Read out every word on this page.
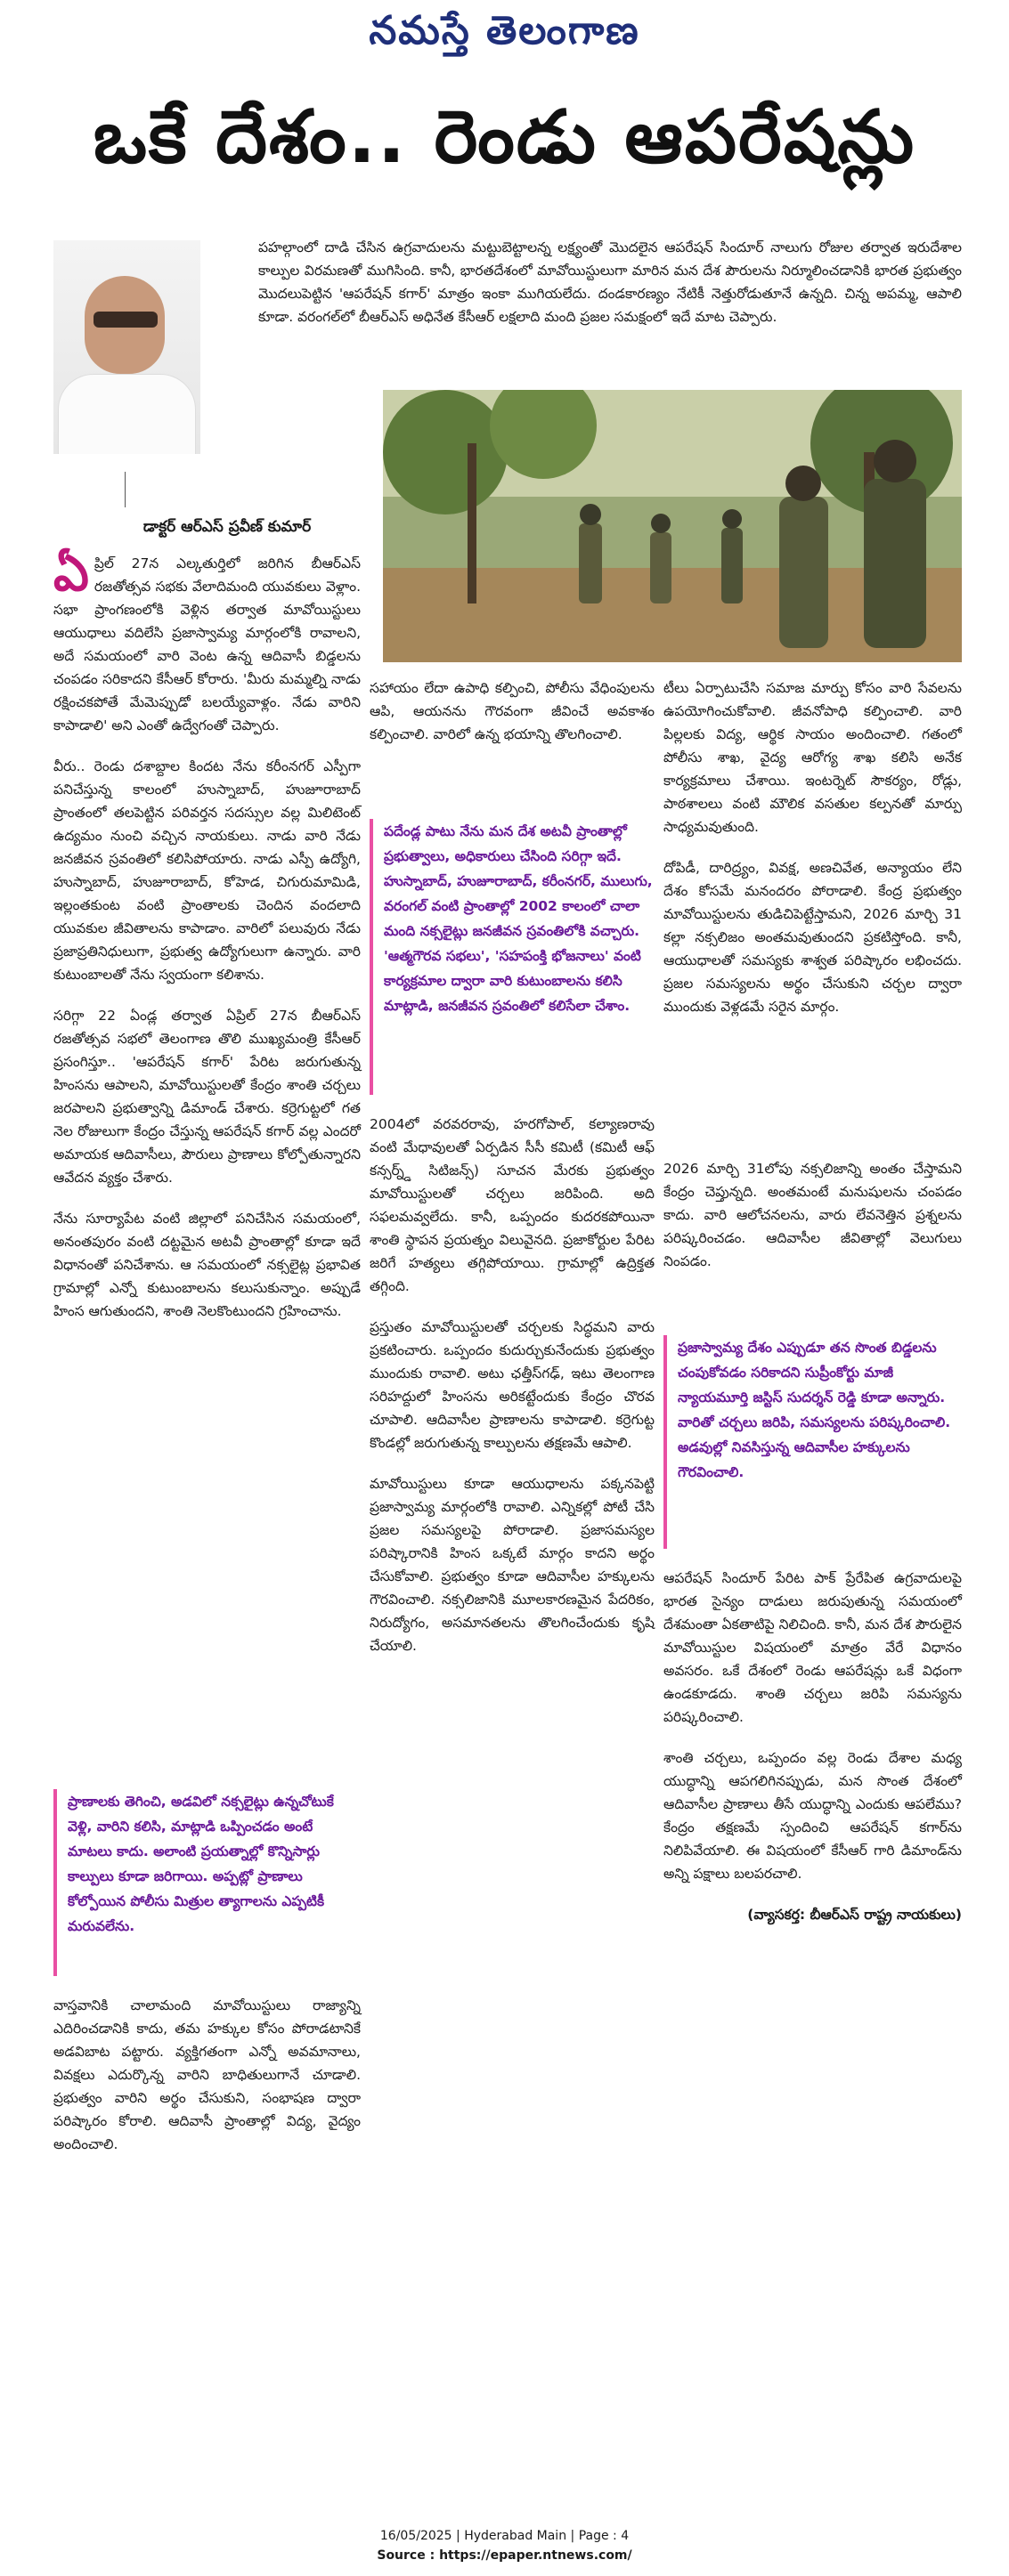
నమస్తే తెలంగాణ
ఒకే దేశం.. రెండు ఆపరేషన్లు
డాక్టర్ ఆర్ఎస్ ప్రవీణ్ కుమార్
పహల్గాంలో దాడి చేసిన ఉగ్రవాదులను మట్టుబెట్టాలన్న లక్ష్యంతో మొదలైన ఆపరేషన్ సిందూర్ నాలుగు రోజుల తర్వాత ఇరుదేశాల కాల్పుల విరమణతో ముగిసింది. కానీ, భారతదేశంలో మావోయిస్టులుగా మారిన మన దేశ పౌరులను నిర్మూలించడానికి భారత ప్రభుత్వం మొదలుపెట్టిన 'ఆపరేషన్ కగార్' మాత్రం ఇంకా ముగియలేదు. దండకారణ్యం నేటికీ నెత్తురోడుతూనే ఉన్నది. చిన్న అపమ్మ, ఆపాలి కూడా. వరంగల్‌లో బీఆర్ఎస్ అధినేత కేసీఆర్ లక్షలాది మంది ప్రజల సమక్షంలో ఇదే మాట చెప్పారు.

ఏ ప్రిల్ 27న ఎల్కతుర్తిలో జరిగిన బీఆర్ఎస్ రజతోత్సవ సభకు వేలాదిమంది యువకులు వెళ్లాం. సభా ప్రాంగణంలోకి వెళ్లిన తర్వాత మావోయిస్టులు ఆయుధాలు వదిలేసి ప్రజాస్వామ్య మార్గంలోకి రావాలని, అదే సమయంలో వారి వెంట ఉన్న ఆదివాసీ బిడ్డలను చంపడం సరికాదని కేసీఆర్ కోరారు. 'మీరు మమ్మల్ని నాడు రక్షించకపోతే మేమెప్పుడో బలయ్యేవాళ్లం. నేడు వారిని కాపాడాలి' అని ఎంతో ఉద్వేగంతో చెప్పారు.

వీరు.. రెండు దశాబ్దాల కిందట నేను కరీంనగర్ ఎస్పీగా పనిచేస్తున్న కాలంలో హుస్నాబాద్, హుజూరాబాద్ ప్రాంతంలో తలపెట్టిన పరివర్తన సదస్సుల వల్ల మిలిటెంట్ ఉద్యమం నుంచి వచ్చిన నాయకులు. నాడు వారి నేడు జనజీవన స్రవంతిలో కలిసిపోయారు. నాడు ఎస్పీ ఉద్యోగి, హుస్నాబాద్, హుజూరాబాద్, కోహెడ, చిగురుమామిడి, ఇల్లంతకుంట వంటి ప్రాంతాలకు చెందిన వందలాది యువకుల జీవితాలను కాపాడాం. వారిలో పలువురు నేడు ప్రజాప్రతినిధులుగా, ప్రభుత్వ ఉద్యోగులుగా ఉన్నారు. వారి కుటుంబాలతో నేను స్వయంగా కలిశాను.

సరిగ్గా 22 ఏండ్ల తర్వాత ఏప్రిల్ 27న బీఆర్ఎస్ రజతోత్సవ సభలో తెలంగాణ తొలి ముఖ్యమంత్రి కేసీఆర్ ప్రసంగిస్తూ.. 'ఆపరేషన్ కగార్' పేరిట జరుగుతున్న హింసను ఆపాలని, మావోయిస్టులతో కేంద్రం శాంతి చర్చలు జరపాలని ప్రభుత్వాన్ని డిమాండ్ చేశారు. కర్రెగుట్టలో గత నెల రోజులుగా కేంద్రం చేస్తున్న ఆపరేషన్ కగార్ వల్ల ఎందరో అమాయక ఆదివాసీలు, పౌరులు ప్రాణాలు కోల్పోతున్నారని ఆవేదన వ్యక్తం చేశారు.

నేను సూర్యాపేట వంటి జిల్లాలో పనిచేసిన సమయంలో, అనంతపురం వంటి దట్టమైన అటవీ ప్రాంతాల్లో కూడా ఇదే విధానంతో పనిచేశాను. ఆ సమయంలో నక్సలైట్ల ప్రభావిత గ్రామాల్లో ఎన్నో కుటుంబాలను కలుసుకున్నాం. అప్పుడే హింస ఆగుతుందని, శాంతి నెలకొంటుందని గ్రహించాను.

ప్రాణాలకు తెగించి, అడవిలో నక్సలైట్లు ఉన్నచోటుకే వెళ్లి, వారిని కలిసి, మాట్లాడి ఒప్పించడం అంటే మాటలు కాదు. అలాంటి ప్రయత్నాల్లో కొన్నిసార్లు కాల్పులు కూడా జరిగాయి. అప్పట్లో ప్రాణాలు కోల్పోయిన పోలీసు మిత్రుల త్యాగాలను ఎప్పటికీ మరువలేను.

వాస్తవానికి చాలామంది మావోయిస్టులు రాజ్యాన్ని ఎదిరించడానికి కాదు, తమ హక్కుల కోసం పోరాడటానికే అడవిబాట పట్టారు. వ్యక్తిగతంగా ఎన్నో అవమానాలు, వివక్షలు ఎదుర్కొన్న వారిని బాధితులుగానే చూడాలి. ప్రభుత్వం వారిని అర్థం చేసుకుని, సంభాషణ ద్వారా పరిష్కారం కోరాలి. ఆదివాసీ ప్రాంతాల్లో విద్య, వైద్యం అందించాలి.

సహాయం లేదా ఉపాధి కల్పించి, పోలీసు వేధింపులను ఆపి, ఆయనను గౌరవంగా జీవించే అవకాశం కల్పించాలి. వారిలో ఉన్న భయాన్ని తొలగించాలి.

పదేండ్ల పాటు నేను మన దేశ అటవీ ప్రాంతాల్లో ప్రభుత్వాలు, అధికారులు చేసింది సరిగ్గా ఇదే. హుస్నాబాద్, హుజూరాబాద్, కరీంనగర్, ములుగు, వరంగల్ వంటి ప్రాంతాల్లో 2002 కాలంలో చాలా మంది నక్సలైట్లు జనజీవన స్రవంతిలోకి వచ్చారు. 'ఆత్మగౌరవ సభలు', 'సహపంక్తి భోజనాలు' వంటి కార్యక్రమాల ద్వారా వారి కుటుంబాలను కలిసి మాట్లాడి, జనజీవన స్రవంతిలో కలిసేలా చేశాం.

2004లో వరవరరావు, హరగోపాల్, కల్యాణరావు వంటి మేధావులతో ఏర్పడిన సీసీ కమిటీ (కమిటీ ఆఫ్ కన్సర్న్డ్ సిటిజన్స్) సూచన మేరకు ప్రభుత్వం మావోయిస్టులతో చర్చలు జరిపింది. అది సఫలమవ్వలేదు. కానీ, ఒప్పందం కుదరకపోయినా శాంతి స్థాపన ప్రయత్నం విలువైనది. ప్రజాకోర్టుల పేరిట జరిగే హత్యలు తగ్గిపోయాయి. గ్రామాల్లో ఉద్రిక్తత తగ్గింది.

ప్రస్తుతం మావోయిస్టులతో చర్చలకు సిద్ధమని వారు ప్రకటించారు. ఒప్పందం కుదుర్చుకునేందుకు ప్రభుత్వం ముందుకు రావాలి. అటు ఛత్తీస్‌గఢ్, ఇటు తెలంగాణ సరిహద్దులో హింసను అరికట్టేందుకు కేంద్రం చొరవ చూపాలి. ఆదివాసీల ప్రాణాలను కాపాడాలి. కర్రెగుట్ట కొండల్లో జరుగుతున్న కాల్పులను తక్షణమే ఆపాలి.

మావోయిస్టులు కూడా ఆయుధాలను పక్కనపెట్టి ప్రజాస్వామ్య మార్గంలోకి రావాలి. ఎన్నికల్లో పోటీ చేసి ప్రజల సమస్యలపై పోరాడాలి. ప్రజాసమస్యల పరిష్కారానికి హింస ఒక్కటే మార్గం కాదని అర్థం చేసుకోవాలి. ప్రభుత్వం కూడా ఆదివాసీల హక్కులను గౌరవించాలి. నక్సలిజానికి మూలకారణమైన పేదరికం, నిరుద్యోగం, అసమానతలను తొలగించేందుకు కృషి చేయాలి.

టీలు ఏర్పాటుచేసి సమాజ మార్పు కోసం వారి సేవలను ఉపయోగించుకోవాలి. జీవనోపాధి కల్పించాలి. వారి పిల్లలకు విద్య, ఆర్థిక సాయం అందించాలి. గతంలో పోలీసు శాఖ, వైద్య ఆరోగ్య శాఖ కలిసి అనేక కార్యక్రమాలు చేశాయి. ఇంటర్నెట్ సౌకర్యం, రోడ్లు, పాఠశాలలు వంటి మౌలిక వసతుల కల్పనతో మార్పు సాధ్యమవుతుంది.

దోపిడీ, దారిద్ర్యం, వివక్ష, అణచివేత, అన్యాయం లేని దేశం కోసమే మనందరం పోరాడాలి. కేంద్ర ప్రభుత్వం మావోయిస్టులను తుడిచిపెట్టేస్తామని, 2026 మార్చి 31 కల్లా నక్సలిజం అంతమవుతుందని ప్రకటిస్తోంది. కానీ, ఆయుధాలతో సమస్యకు శాశ్వత పరిష్కారం లభించదు. ప్రజల సమస్యలను అర్థం చేసుకుని చర్చల ద్వారా ముందుకు వెళ్లడమే సరైన మార్గం.

2026 మార్చి 31లోపు నక్సలిజాన్ని అంతం చేస్తామని కేంద్రం చెప్తున్నది. అంతమంటే మనుషులను చంపడం కాదు. వారి ఆలోచనలను, వారు లేవనెత్తిన ప్రశ్నలను పరిష్కరించడం. ఆదివాసీల జీవితాల్లో వెలుగులు నింపడం.

ప్రజాస్వామ్య దేశం ఎప్పుడూ తన సొంత బిడ్డలను చంపుకోవడం సరికాదని సుప్రీంకోర్టు మాజీ న్యాయమూర్తి జస్టిస్ సుదర్శన్ రెడ్డి కూడా అన్నారు. వారితో చర్చలు జరిపి, సమస్యలను పరిష్కరించాలి. అడవుల్లో నివసిస్తున్న ఆదివాసీల హక్కులను గౌరవించాలి.

ఆపరేషన్ సిందూర్ పేరిట పాక్ ప్రేరేపిత ఉగ్రవాదులపై భారత సైన్యం దాడులు జరుపుతున్న సమయంలో దేశమంతా ఏకతాటిపై నిలిచింది. కానీ, మన దేశ పౌరులైన మావోయిస్టుల విషయంలో మాత్రం వేరే విధానం అవసరం. ఒకే దేశంలో రెండు ఆపరేషన్లు ఒకే విధంగా ఉండకూడదు. శాంతి చర్చలు జరిపి సమస్యను పరిష్కరించాలి.

శాంతి చర్చలు, ఒప్పందం వల్ల రెండు దేశాల మధ్య యుద్ధాన్ని ఆపగలిగినప్పుడు, మన సొంత దేశంలో ఆదివాసీల ప్రాణాలు తీసే యుద్ధాన్ని ఎందుకు ఆపలేము? కేంద్రం తక్షణమే స్పందించి ఆపరేషన్ కగార్‌ను నిలిపివేయాలి. ఈ విషయంలో కేసీఆర్ గారి డిమాండ్‌ను అన్ని పక్షాలు బలపరచాలి.

(వ్యాసకర్త: బీఆర్ఎస్ రాష్ట్ర నాయకులు)

16/05/2025 | Hyderabad Main | Page : 4
Source : https://epaper.ntnews.com/
